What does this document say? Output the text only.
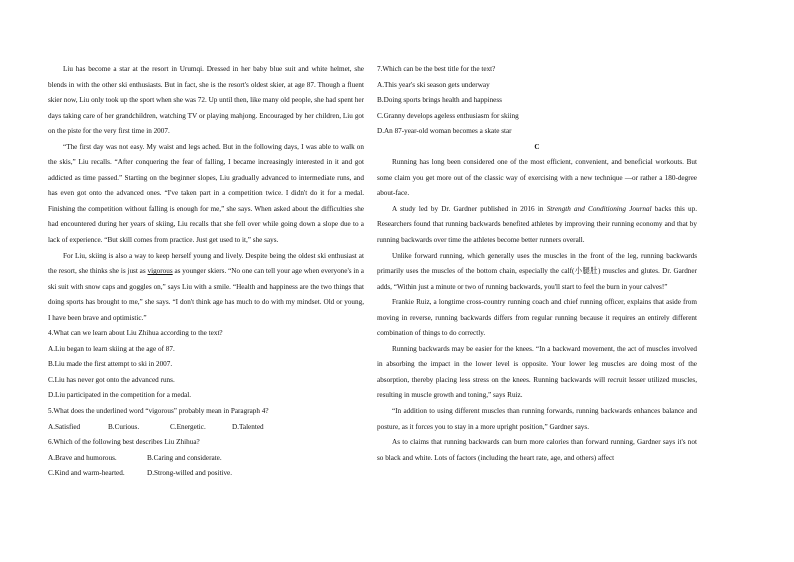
Liu has become a star at the resort in Urumqi. Dressed in her baby blue suit and white helmet, she blends in with the other ski enthusiasts. But in fact, she is the resort's oldest skier, at age 87. Though a fluent skier now, Liu only took up the sport when she was 72. Up until then, like many old people, she had spent her days taking care of her grandchildren, watching TV or playing mahjong. Encouraged by her children, Liu got on the piste for the very first time in 2007.

“The first day was not easy. My waist and legs ached. But in the following days, I was able to walk on the skis,” Liu recalls. “After conquering the fear of falling, I became increasingly interested in it and got addicted as time passed.” Starting on the beginner slopes, Liu gradually advanced to intermediate runs, and has even got onto the advanced ones. “I've taken part in a competition twice. I didn't do it for a medal. Finishing the competition without falling is enough for me,” she says. When asked about the difficulties she had encountered during her years of skiing, Liu recalls that she fell over while going down a slope due to a lack of experience. “But skill comes from practice. Just get used to it,” she says.

For Liu, skiing is also a way to keep herself young and lively. Despite being the oldest ski enthusiast at the resort, she thinks she is just as vigorous as younger skiers. “No one can tell your age when everyone's in a ski suit with snow caps and goggles on,” says Liu with a smile. “Health and happiness are the two things that doing sports has brought to me,” she says. “I don't think age has much to do with my mindset. Old or young, I have been brave and optimistic.”

4.What can we learn about Liu Zhihua according to the text?
A.Liu began to learn skiing at the age of 87.
B.Liu made the first attempt to ski in 2007.
C.Liu has never got onto the advanced runs.
D.Liu participated in the competition for a medal.
5.What does the underlined word “vigorous” probably mean in Paragraph 4?
A.Satisfied	B.Curious.	C.Energetic.	D.Talented
6.Which of the following best describes Liu Zhihua?
A.Brave and humorous.	B.Caring and considerate.
C.Kind and warm-hearted.	D.Strong-willed and positive.
7.Which can be the best title for the text?
A.This year's ski season gets underway
B.Doing sports brings health and happiness
C.Granny develops ageless enthusiasm for skiing
D.An 87-year-old woman becomes a skate star
C

Running has long been considered one of the most efficient, convenient, and beneficial workouts. But some claim you get more out of the classic way of exercising with a new technique —or rather a 180-degree about-face.

A study led by Dr. Gardner published in 2016 in Strength and Conditioning Journal backs this up. Researchers found that running backwards benefited athletes by improving their running economy and that by running backwards over time the athletes become better runners overall.

Unlike forward running, which generally uses the muscles in the front of the leg, running backwards primarily uses the muscles of the bottom chain, especially the calf(小腿肚) muscles and glutes. Dr. Gardner adds, “Within just a minute or two of running backwards, you'll start to feel the burn in your calves!”

Frankie Ruiz, a longtime cross-country running coach and chief running officer, explains that aside from moving in reverse, running backwards differs from regular running because it requires an entirely different combination of things to do correctly.

Running backwards may be easier for the knees. “In a backward movement, the act of muscles involved in absorbing the impact in the lower level is opposite. Your lower leg muscles are doing most of the absorption, thereby placing less stress on the knees. Running backwards will recruit lesser utilized muscles, resulting in muscle growth and toning,” says Ruiz.

“In addition to using different muscles than running forwards, running backwards enhances balance and posture, as it forces you to stay in a more upright position,” Gardner says.

As to claims that running backwards can burn more calories than forward running, Gardner says it's not so black and white. Lots of factors (including the heart rate, age, and others) affect
